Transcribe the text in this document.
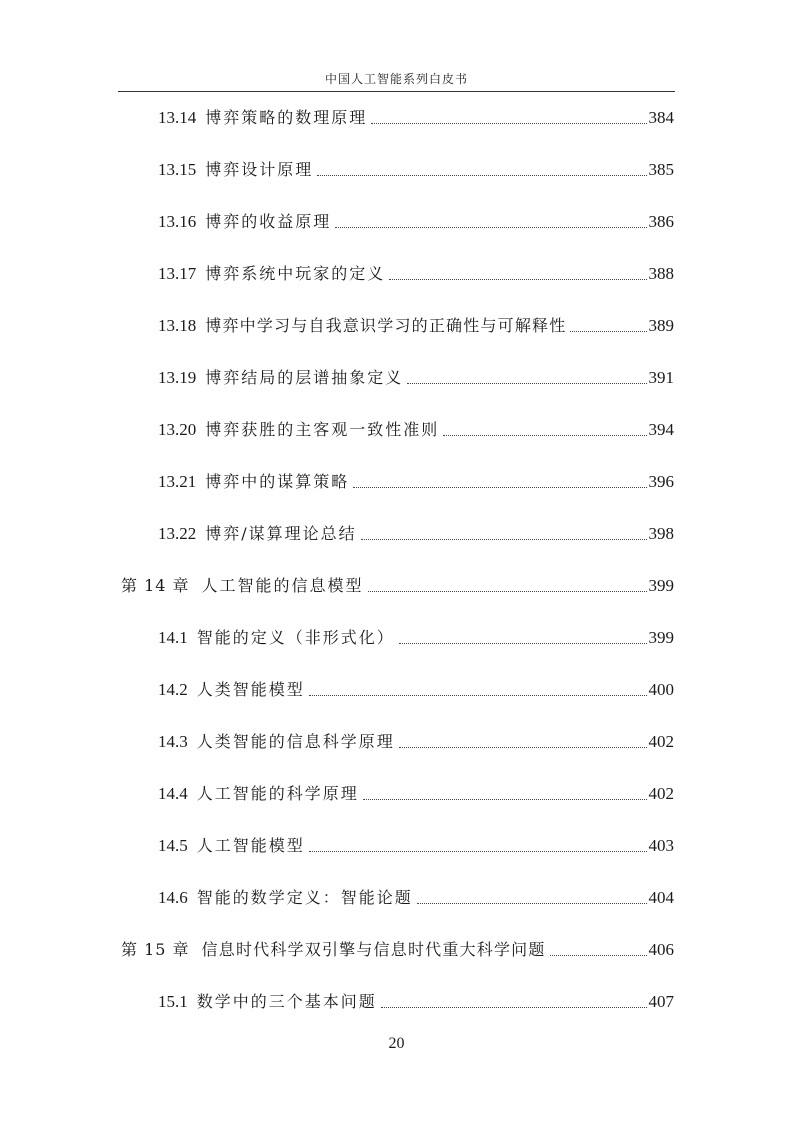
中国人工智能系列白皮书
13.14 博弈策略的数理原理	384
13.15 博弈设计原理	385
13.16 博弈的收益原理	386
13.17 博弈系统中玩家的定义	388
13.18 博弈中学习与自我意识学习的正确性与可解释性	389
13.19 博弈结局的层谱抽象定义	391
13.20 博弈获胜的主客观一致性准则	394
13.21 博弈中的谋算策略	396
13.22 博弈/谋算理论总结	398
第 14 章 人工智能的信息模型	399
14.1 智能的定义（非形式化）	399
14.2 人类智能模型	400
14.3 人类智能的信息科学原理	402
14.4 人工智能的科学原理	402
14.5 人工智能模型	403
14.6 智能的数学定义：智能论题	404
第 15 章 信息时代科学双引擎与信息时代重大科学问题	406
15.1 数学中的三个基本问题	407
20
